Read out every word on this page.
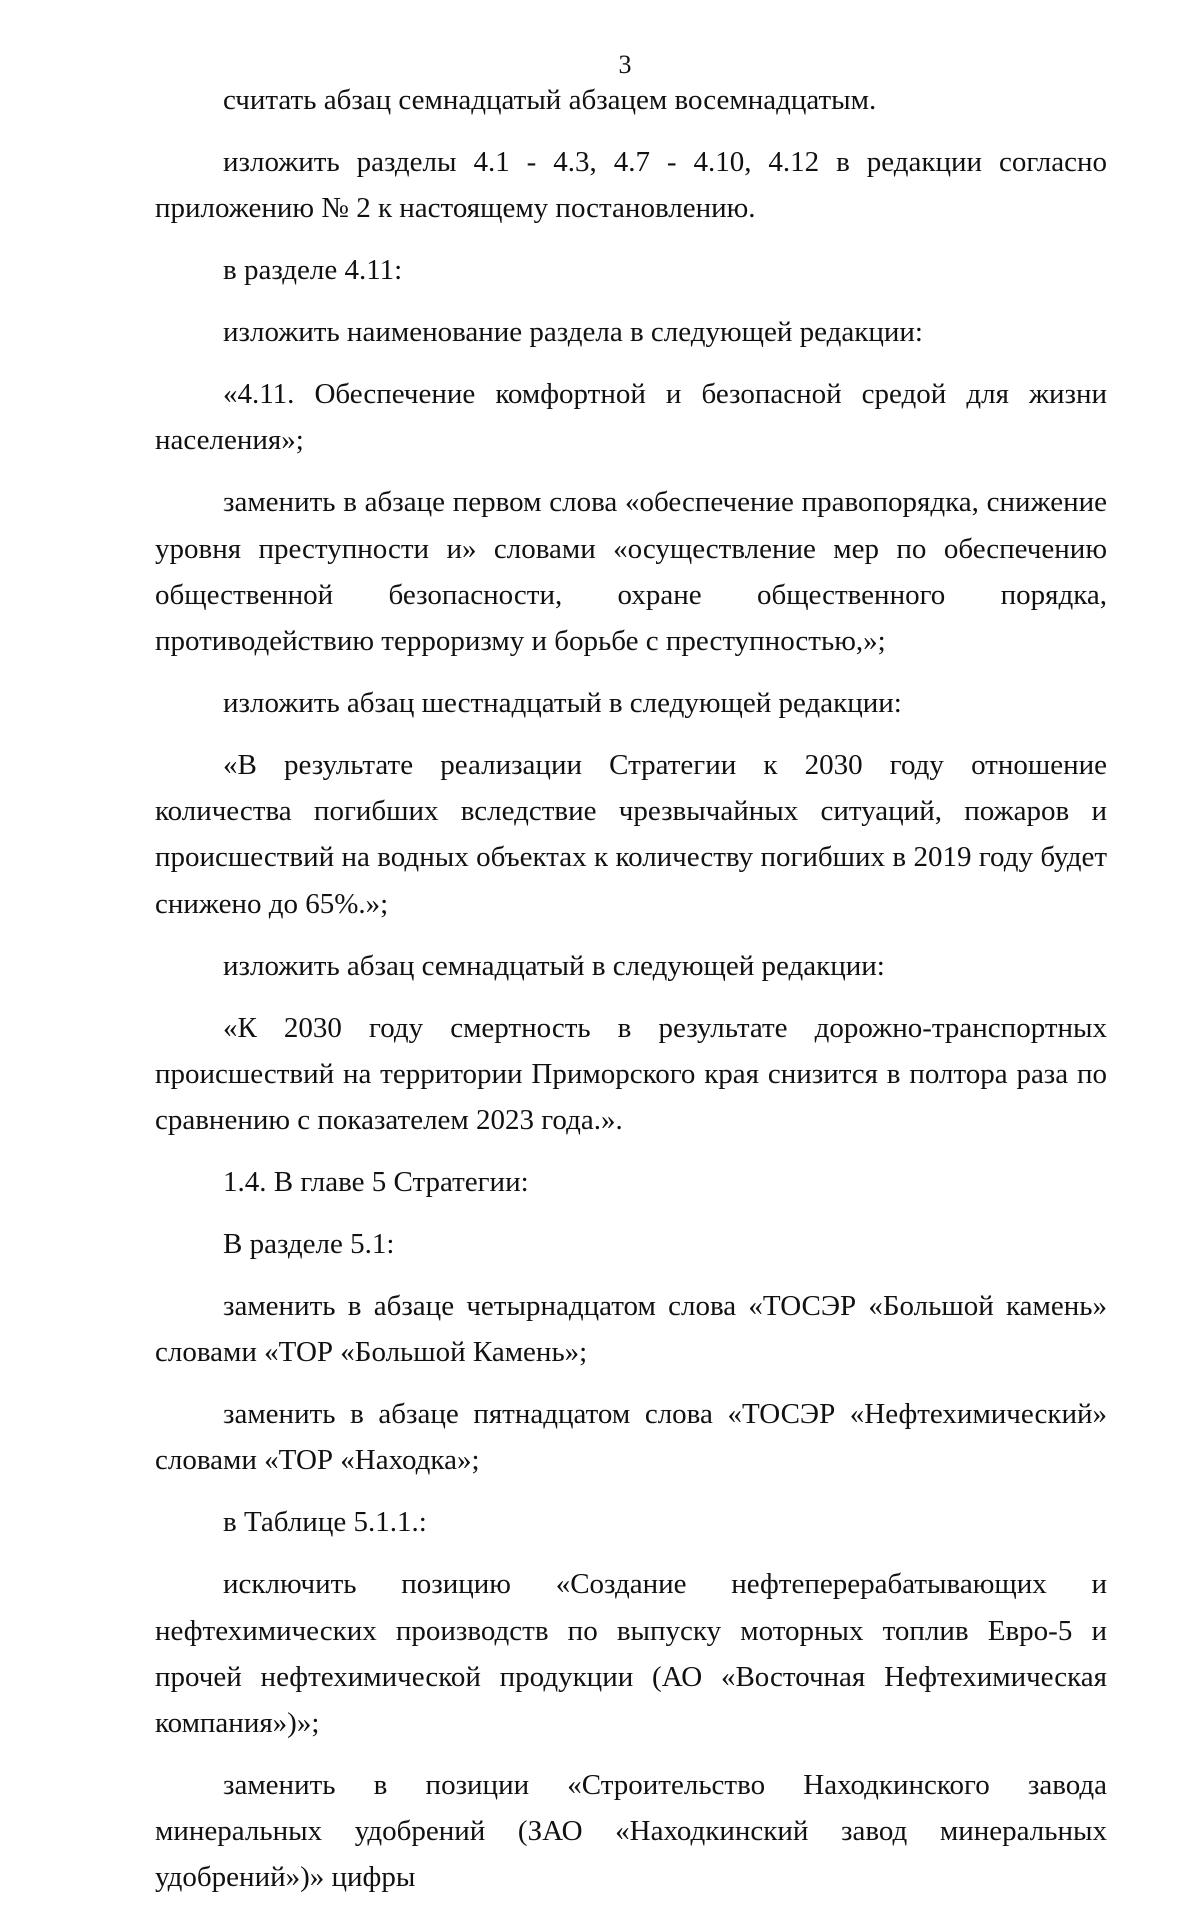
3

считать абзац семнадцатый абзацем восемнадцатым.

изложить разделы 4.1 - 4.3, 4.7 - 4.10, 4.12 в редакции согласно приложению № 2 к настоящему постановлению.

в разделе 4.11:

изложить наименование раздела в следующей редакции:

«4.11. Обеспечение комфортной и безопасной средой для жизни населения»;

заменить в абзаце первом слова «обеспечение правопорядка, снижение уровня преступности и» словами «осуществление мер по обеспечению общественной безопасности, охране общественного порядка, противодействию терроризму и борьбе с преступностью,»;

изложить абзац шестнадцатый в следующей редакции:

«В результате реализации Стратегии к 2030 году отношение количества погибших вследствие чрезвычайных ситуаций, пожаров и происшествий на водных объектах к количеству погибших в 2019 году будет снижено до 65%.»;

изложить абзац семнадцатый в следующей редакции:

«К 2030 году смертность в результате дорожно-транспортных происшествий на территории Приморского края снизится в полтора раза по сравнению с показателем 2023 года.».

1.4. В главе 5 Стратегии:

В разделе 5.1:

заменить в абзаце четырнадцатом слова «ТОСЭР «Большой камень» словами «ТОР «Большой Камень»;

заменить в абзаце пятнадцатом слова «ТОСЭР «Нефтехимический» словами «ТОР «Находка»;

в Таблице 5.1.1.:

исключить позицию «Создание нефтеперерабатывающих и нефтехимических производств по выпуску моторных топлив Евро-5 и прочей нефтехимической продукции (АО «Восточная Нефтехимическая компания»)»;

заменить в позиции «Строительство Находкинского завода минеральных удобрений (ЗАО «Находкинский завод минеральных удобрений»)» цифры
